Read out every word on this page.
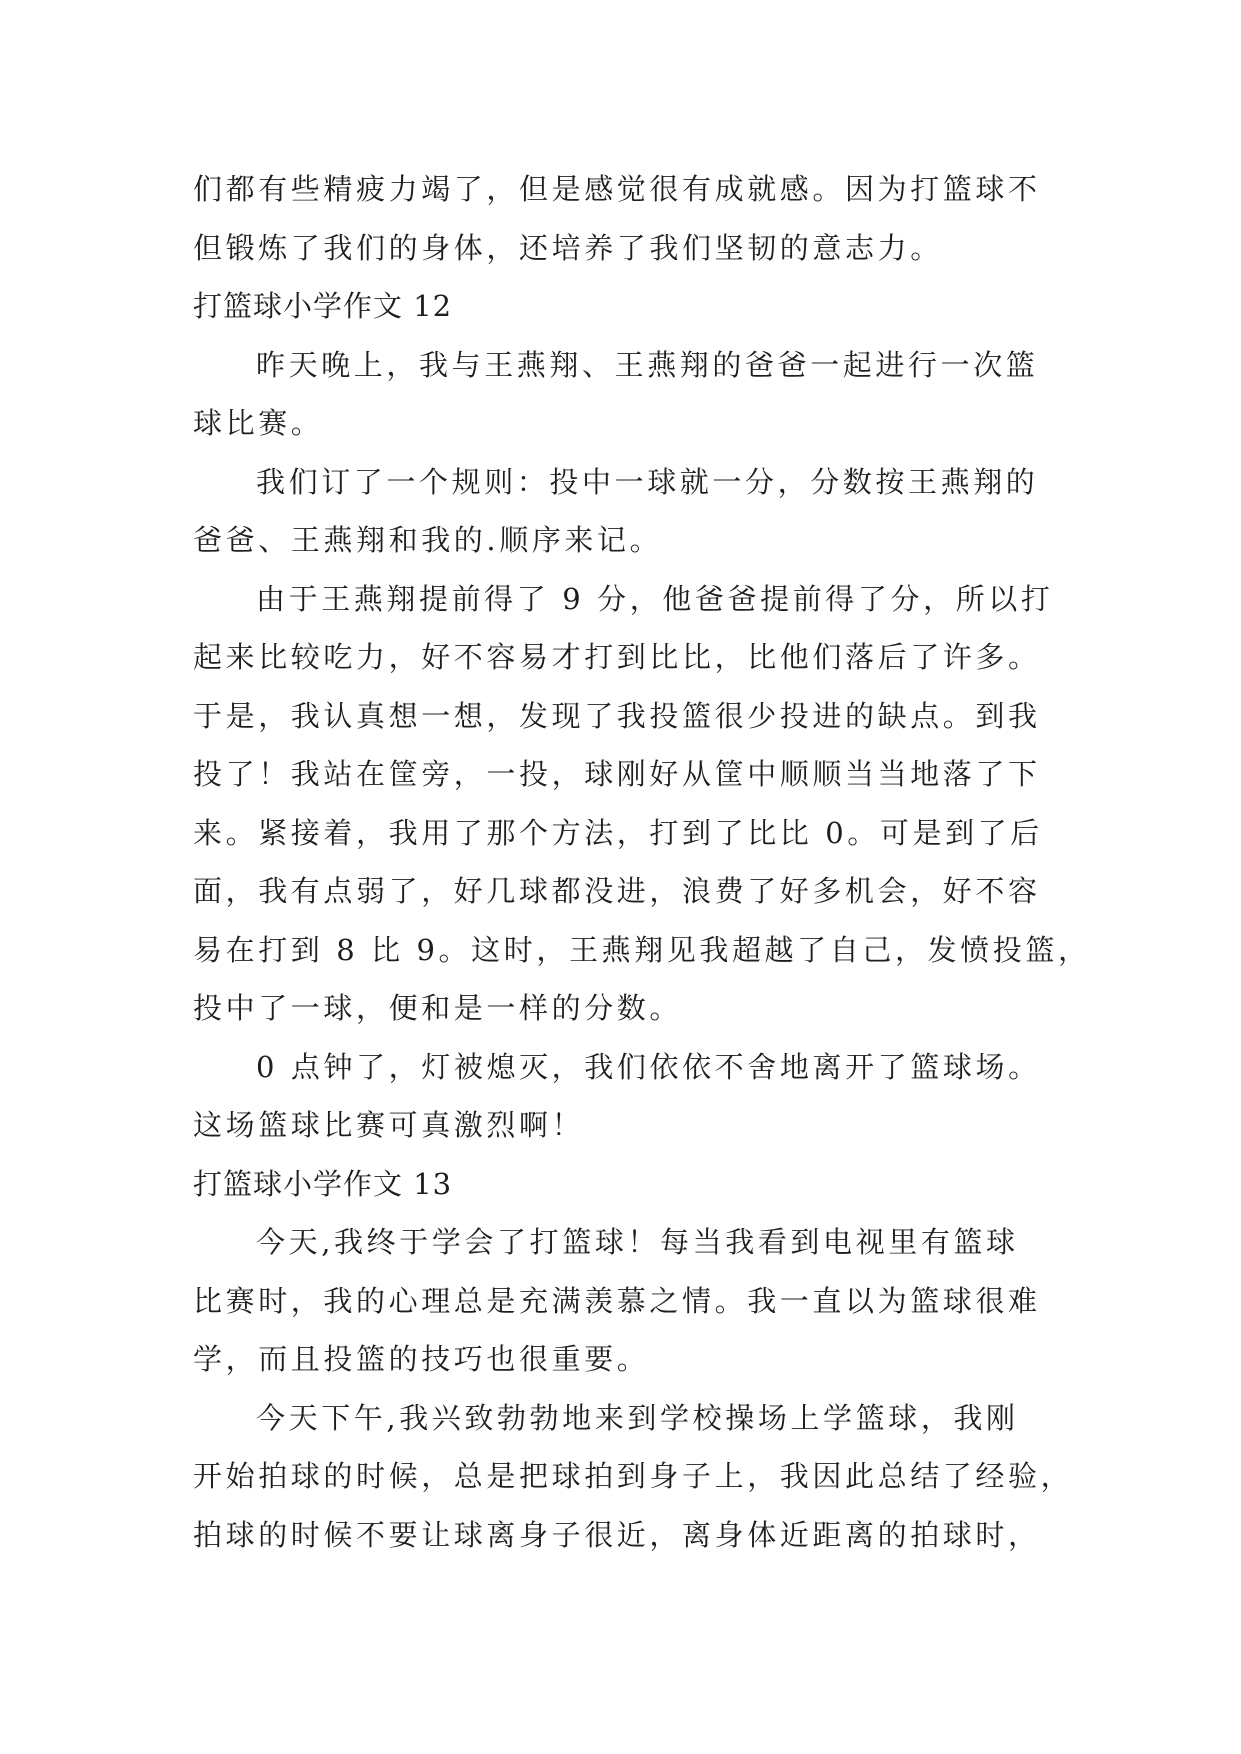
们都有些精疲力竭了，但是感觉很有成就感。因为打篮球不
但锻炼了我们的身体，还培养了我们坚韧的意志力。
打篮球小学作文 12
昨天晚上，我与王燕翔、王燕翔的爸爸一起进行一次篮
球比赛。
我们订了一个规则：投中一球就一分，分数按王燕翔的
爸爸、王燕翔和我的.顺序来记。
由于王燕翔提前得了 9 分，他爸爸提前得了分，所以打
起来比较吃力，好不容易才打到比比，比他们落后了许多。
于是，我认真想一想，发现了我投篮很少投进的缺点。到我
投了！我站在筐旁，一投，球刚好从筐中顺顺当当地落了下
来。紧接着，我用了那个方法，打到了比比 0。可是到了后
面，我有点弱了，好几球都没进，浪费了好多机会，好不容
易在打到 8 比 9。这时，王燕翔见我超越了自己，发愤投篮，
投中了一球，便和是一样的分数。
0 点钟了，灯被熄灭，我们依依不舍地离开了篮球场。
这场篮球比赛可真激烈啊！
打篮球小学作文 13
今天,我终于学会了打篮球！每当我看到电视里有篮球
比赛时，我的心理总是充满羡慕之情。我一直以为篮球很难
学，而且投篮的技巧也很重要。
今天下午,我兴致勃勃地来到学校操场上学篮球，我刚
开始拍球的时候，总是把球拍到身子上，我因此总结了经验，
拍球的时候不要让球离身子很近，离身体近距离的拍球时，
